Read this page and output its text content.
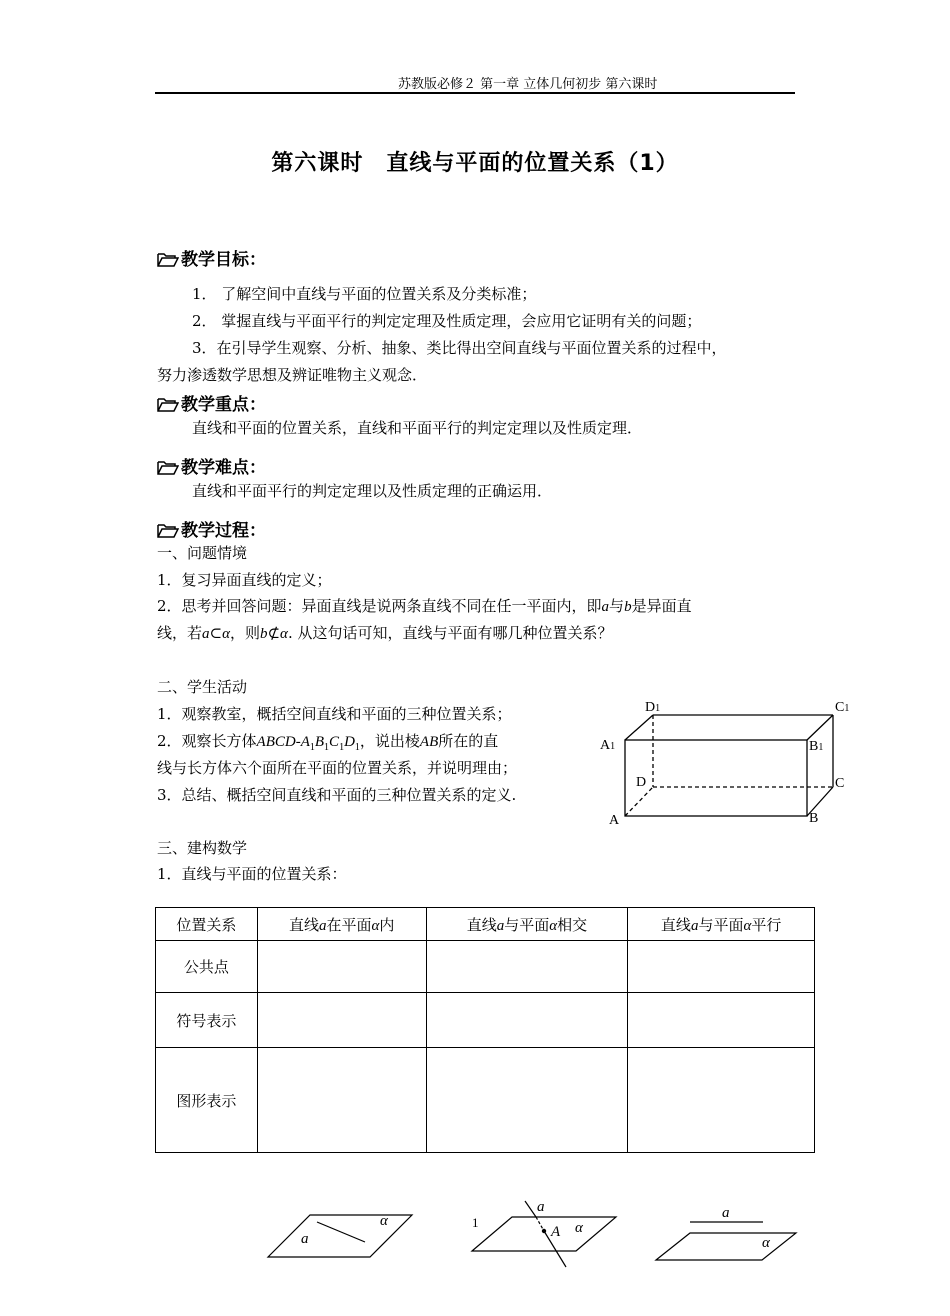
苏教版必修２ 第一章 立体几何初步 第六课时
第六课时　直线与平面的位置关系（1）
教学目标：
1． 了解空间中直线与平面的位置关系及分类标准；
2． 掌握直线与平面平行的判定定理及性质定理，会应用它证明有关的问题；
3．在引导学生观察、分析、抽象、类比得出空间直线与平面位置关系的过程中，
努力渗透数学思想及辨证唯物主义观念．
教学重点：
直线和平面的位置关系，直线和平面平行的判定定理以及性质定理．
教学难点：
直线和平面平行的判定定理以及性质定理的正确运用．
教学过程：
一、问题情境
1．复习异面直线的定义；
2．思考并回答问题：异面直线是说两条直线不同在任一平面内，即a与b是异面直
线，若a⊂α，则b⊄α. 从这句话可知，直线与平面有哪几种位置关系？
二、学生活动
1．观察教室，概括空间直线和平面的三种位置关系；
2．观察长方体ABCD-$A_1B_1C_1D_1$，说出棱AB所在的直
线与长方体六个面所在平面的位置关系，并说明理由；
3．总结、概括空间直线和平面的三种位置关系的定义.
D1	C1
A1	B1
D	C
A	B
三、建构数学
1．直线与平面的位置关系：
位置关系	直线a在平面α内	直线a与平面α相交	直线a与平面α平行
公共点			
符号表示			
图形表示			
a
α
a
A α
a
α
1
